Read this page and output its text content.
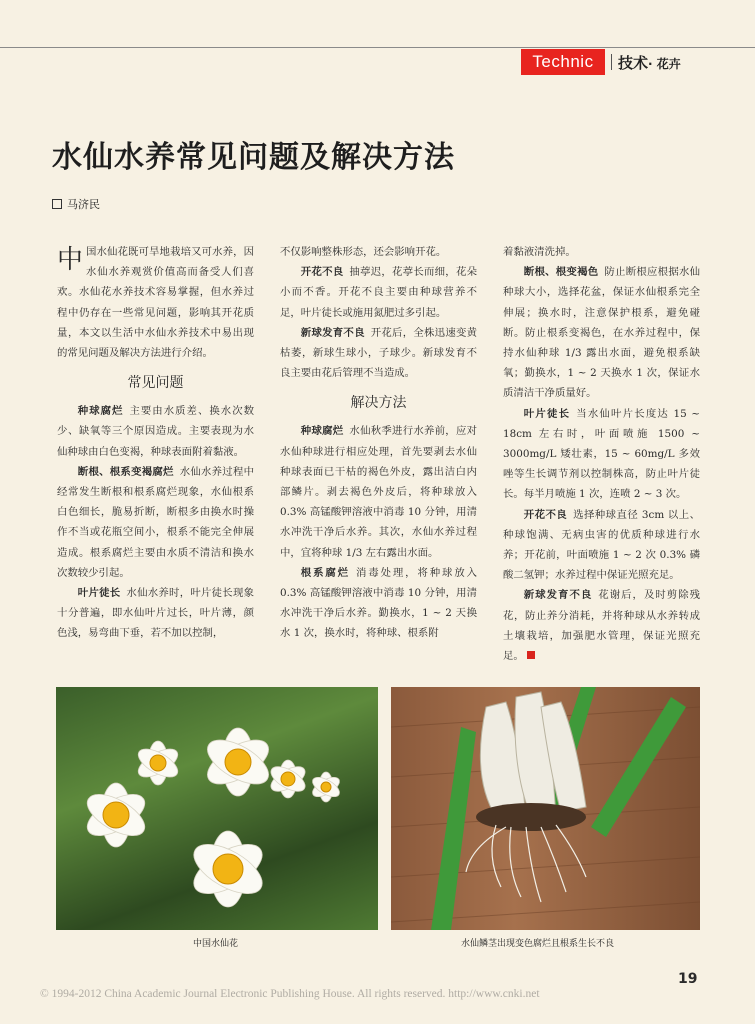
Technic	技术· 花卉
水仙水养常见问题及解决方法
马济民

中国水仙花既可旱地栽培又可水养，因水仙水养观赏价值高而备受人们喜欢。水仙花水养技术容易掌握，但水养过程中仍存在一些常见问题，影响其开花质量，本文以生活中水仙水养技术中易出现的常见问题及解决方法进行介绍。

常见问题

种球腐烂 主要由水质差、换水次数少、缺氧等三个原因造成。主要表现为水仙种球由白色变褐，种球表面附着黏液。

断根、根系变褐腐烂 水仙水养过程中经常发生断根和根系腐烂现象，水仙根系白色细长，脆易折断，断根多由换水时操作不当或花瓶空间小，根系不能完全伸展造成。根系腐烂主要由水质不清洁和换水次数较少引起。

叶片徒长 水仙水养时，叶片徒长现象十分普遍，即水仙叶片过长，叶片薄，颜色浅，易弯曲下垂，若不加以控制，

不仅影响整株形态，还会影响开花。

开花不良 抽葶迟，花葶长而细，花朵小而不香。开花不良主要由种球营养不足，叶片徒长或施用氮肥过多引起。

新球发育不良 开花后，全株迅速变黄枯萎，新球生球小，子球少。新球发育不良主要由花后管理不当造成。

解决方法

种球腐烂 水仙秋季进行水养前，应对水仙种球进行相应处理，首先要剥去水仙种球表面已干枯的褐色外皮，露出洁白内部鳞片。剥去褐色外皮后，将种球放入 0.3% 高锰酸钾溶液中消毒 10 分钟，用清水冲洗干净后水养。其次，水仙水养过程中，宜将种球 1/3 左右露出水面。

根系腐烂 消毒处理，将种球放入 0.3% 高锰酸钾溶液中消毒 10 分钟，用清水冲洗干净后水养。勤换水，1 ~ 2 天换水 1 次，换水时，将种球、根系附

着黏液清洗掉。

断根、根变褐色 防止断根应根据水仙种球大小，选择花盆，保证水仙根系完全伸展；换水时，注意保护根系，避免碰断。防止根系变褐色，在水养过程中，保持水仙种球 1/3 露出水面，避免根系缺氧；勤换水，1 ~ 2 天换水 1 次，保证水质清洁干净质量好。

叶片徒长 当水仙叶片长度达 15 ~ 18cm 左右时，叶面喷施 1500 ~ 3000mg/L 矮壮素，15 ~ 60mg/L 多效唑等生长调节剂以控制株高，防止叶片徒长。每半月喷施 1 次，连喷 2 ~ 3 次。

开花不良 选择种球直径 3cm 以上、种球饱满、无病虫害的优质种球进行水养；开花前，叶面喷施 1 ~ 2 次 0.3% 磷酸二氢钾；水养过程中保证光照充足。

新球发育不良 花谢后，及时剪除残花，防止养分消耗，并将种球从水养转成土壤栽培，加强肥水管理，保证光照充足。

中国水仙花	水仙鳞茎出现变色腐烂且根系生长不良
19
© 1994-2012 China Academic Journal Electronic Publishing House. All rights reserved. http://www.cnki.net
